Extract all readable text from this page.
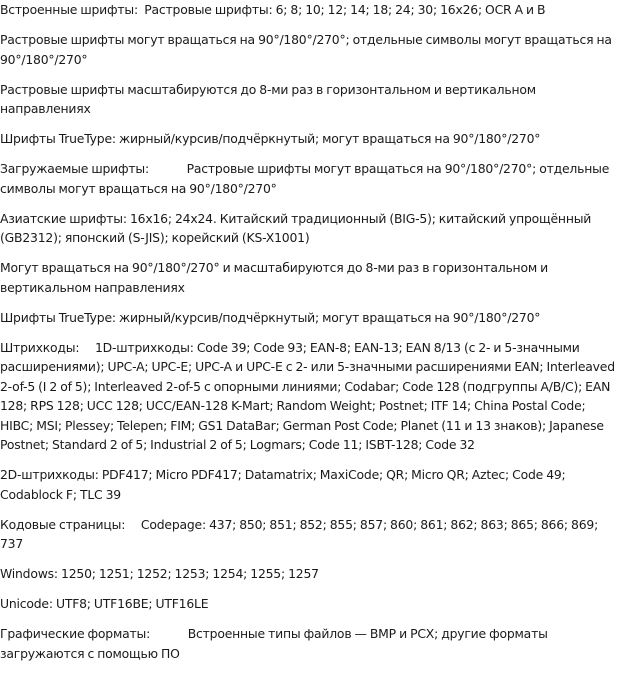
Встроенные шрифты:  Растровые шрифты: 6; 8; 10; 12; 14; 18; 24; 30; 16x26; OCR A и B

Растровые шрифты могут вращаться на 90°/180°/270°; отдельные символы могут вращаться на 90°/180°/270°

Растровые шрифты масштабируются до 8-ми раз в горизонтальном и вертикальном направлениях

Шрифты TrueType: жирный/курсив/подчёркнутый; могут вращаться на 90°/180°/270°

Загружаемые шрифты:            Растровые шрифты могут вращаться на 90°/180°/270°; отдельные символы могут вращаться на 90°/180°/270°

Азиатские шрифты: 16x16; 24x24. Китайский традиционный (BIG-5); китайский упрощённый (GB2312); японский (S-JIS); корейский (KS-X1001)

Могут вращаться на 90°/180°/270° и масштабируются до 8-ми раз в горизонтальном и вертикальном направлениях

Шрифты TrueType: жирный/курсив/подчёркнутый; могут вращаться на 90°/180°/270°

Штрихкоды:     1D-штрихкоды: Code 39; Code 93; EAN-8; EAN-13; EAN 8/13 (с 2- и 5-значными расширениями); UPC-A; UPC-E; UPC-A и UPC-E с 2- или 5-значными расширениями EAN; Interleaved 2-of-5 (I 2 of 5); Interleaved 2-of-5 с опорными линиями; Codabar; Code 128 (подгруппы A/B/C); EAN 128; RPS 128; UCC 128; UCC/EAN-128 K-Mart; Random Weight; Postnet; ITF 14; China Postal Code; HIBC; MSI; Plessey; Telepen; FIM; GS1 DataBar; German Post Code; Planet (11 и 13 знаков); Japanese Postnet; Standard 2 of 5; Industrial 2 of 5; Logmars; Code 11; ISBT-128; Code 32

2D-штрихкоды: PDF417; Micro PDF417; Datamatrix; MaxiCode; QR; Micro QR; Aztec; Code 49; Codablock F; TLC 39

Кодовые страницы:     Codepage: 437; 850; 851; 852; 855; 857; 860; 861; 862; 863; 865; 866; 869; 737

Windows: 1250; 1251; 1252; 1253; 1254; 1255; 1257

Unicode: UTF8; UTF16BE; UTF16LE

Графические форматы:            Встроенные типы файлов — BMP и PCX; другие форматы загружаются с помощью ПО
